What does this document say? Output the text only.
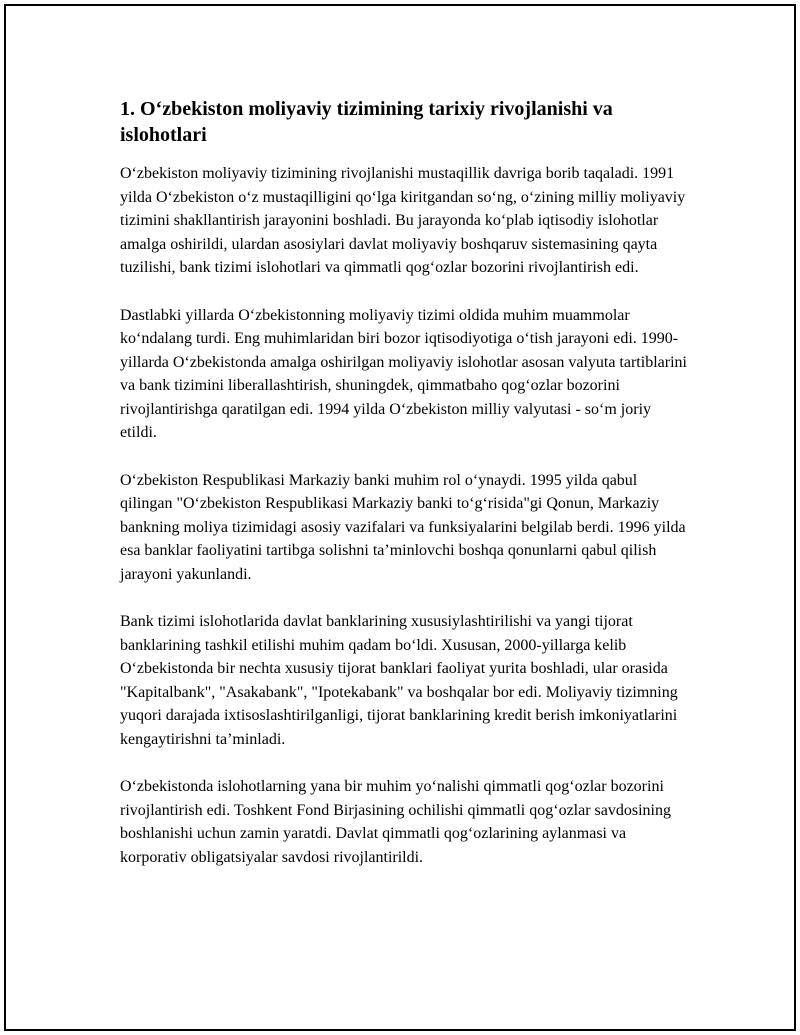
1. O‘zbekiston moliyaviy tizimining tarixiy rivojlanishi va islohotlari

O‘zbekiston moliyaviy tizimining rivojlanishi mustaqillik davriga borib taqaladi. 1991 yilda O‘zbekiston o‘z mustaqilligini qo‘lga kiritgandan so‘ng, o‘zining milliy moliyaviy tizimini shakllantirish jarayonini boshladi. Bu jarayonda ko‘plab iqtisodiy islohotlar amalga oshirildi, ulardan asosiylari davlat moliyaviy boshqaruv sistemasining qayta tuzilishi, bank tizimi islohotlari va qimmatli qog‘ozlar bozorini rivojlantirish edi.

Dastlabki yillarda O‘zbekistonning moliyaviy tizimi oldida muhim muammolar ko‘ndalang turdi. Eng muhimlaridan biri bozor iqtisodiyotiga o‘tish jarayoni edi. 1990-yillarda O‘zbekistonda amalga oshirilgan moliyaviy islohotlar asosan valyuta tartiblarini va bank tizimini liberallashtirish, shuningdek, qimmatbaho qog‘ozlar bozorini rivojlantirishga qaratilgan edi. 1994 yilda O‘zbekiston milliy valyutasi - so‘m joriy etildi.

O‘zbekiston Respublikasi Markaziy banki muhim rol o‘ynaydi. 1995 yilda qabul qilingan "O‘zbekiston Respublikasi Markaziy banki to‘g‘risida"gi Qonun, Markaziy bankning moliya tizimidagi asosiy vazifalari va funksiyalarini belgilab berdi. 1996 yilda esa banklar faoliyatini tartibga solishni ta’minlovchi boshqa qonunlarni qabul qilish jarayoni yakunlandi.

Bank tizimi islohotlarida davlat banklarining xususiylashtirilishi va yangi tijorat banklarining tashkil etilishi muhim qadam bo‘ldi. Xususan, 2000-yillarga kelib O‘zbekistonda bir nechta xususiy tijorat banklari faoliyat yurita boshladi, ular orasida "Kapitalbank", "Asakabank", "Ipotekabank" va boshqalar bor edi. Moliyaviy tizimning yuqori darajada ixtisoslashtirilganligi, tijorat banklarining kredit berish imkoniyatlarini kengaytirishni ta’minladi.

O‘zbekistonda islohotlarning yana bir muhim yo‘nalishi qimmatli qog‘ozlar bozorini rivojlantirish edi. Toshkent Fond Birjasining ochilishi qimmatli qog‘ozlar savdosining boshlanishi uchun zamin yaratdi. Davlat qimmatli qog‘ozlarining aylanmasi va korporativ obligatsiyalar savdosi rivojlantirildi.
